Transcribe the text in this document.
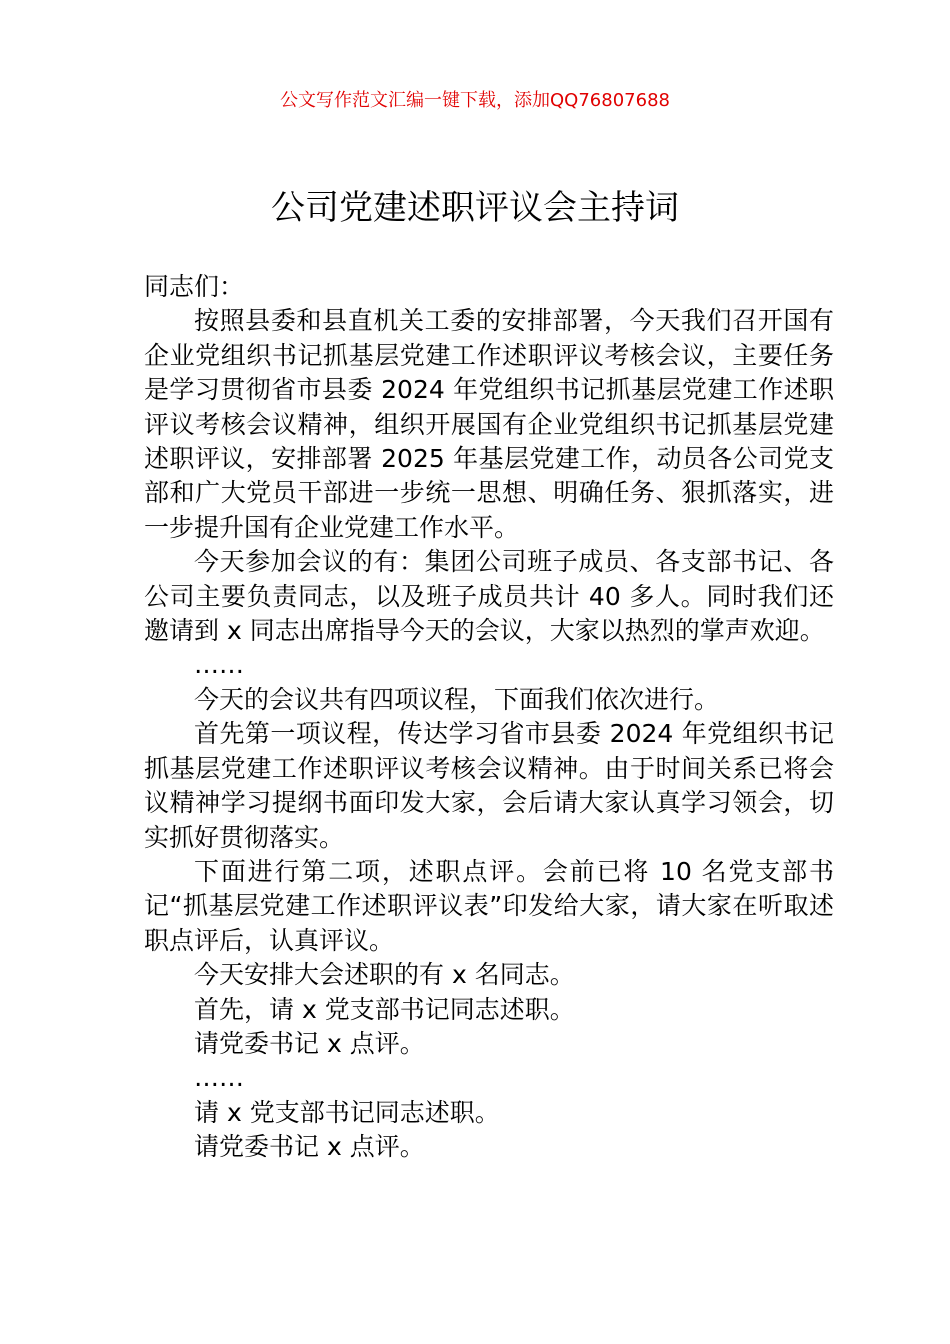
公文写作范文汇编一键下载，添加QQ76807688
公司党建述职评议会主持词

同志们：

按照县委和县直机关工委的安排部署，今天我们召开国有企业党组织书记抓基层党建工作述职评议考核会议，主要任务是学习贯彻省市县委 2024 年党组织书记抓基层党建工作述职评议考核会议精神，组织开展国有企业党组织书记抓基层党建述职评议，安排部署 2025 年基层党建工作，动员各公司党支部和广大党员干部进一步统一思想、明确任务、狠抓落实，进一步提升国有企业党建工作水平。

今天参加会议的有：集团公司班子成员、各支部书记、各公司主要负责同志，以及班子成员共计 40 多人。同时我们还邀请到 x 同志出席指导今天的会议，大家以热烈的掌声欢迎。

……

今天的会议共有四项议程，下面我们依次进行。

首先第一项议程，传达学习省市县委 2024 年党组织书记抓基层党建工作述职评议考核会议精神。由于时间关系已将会议精神学习提纲书面印发大家，会后请大家认真学习领会，切实抓好贯彻落实。

下面进行第二项，述职点评。会前已将 10 名党支部书记“抓基层党建工作述职评议表”印发给大家，请大家在听取述职点评后，认真评议。

今天安排大会述职的有 x 名同志。

首先，请 x 党支部书记同志述职。

请党委书记 x 点评。

……

请 x 党支部书记同志述职。

请党委书记 x 点评。
